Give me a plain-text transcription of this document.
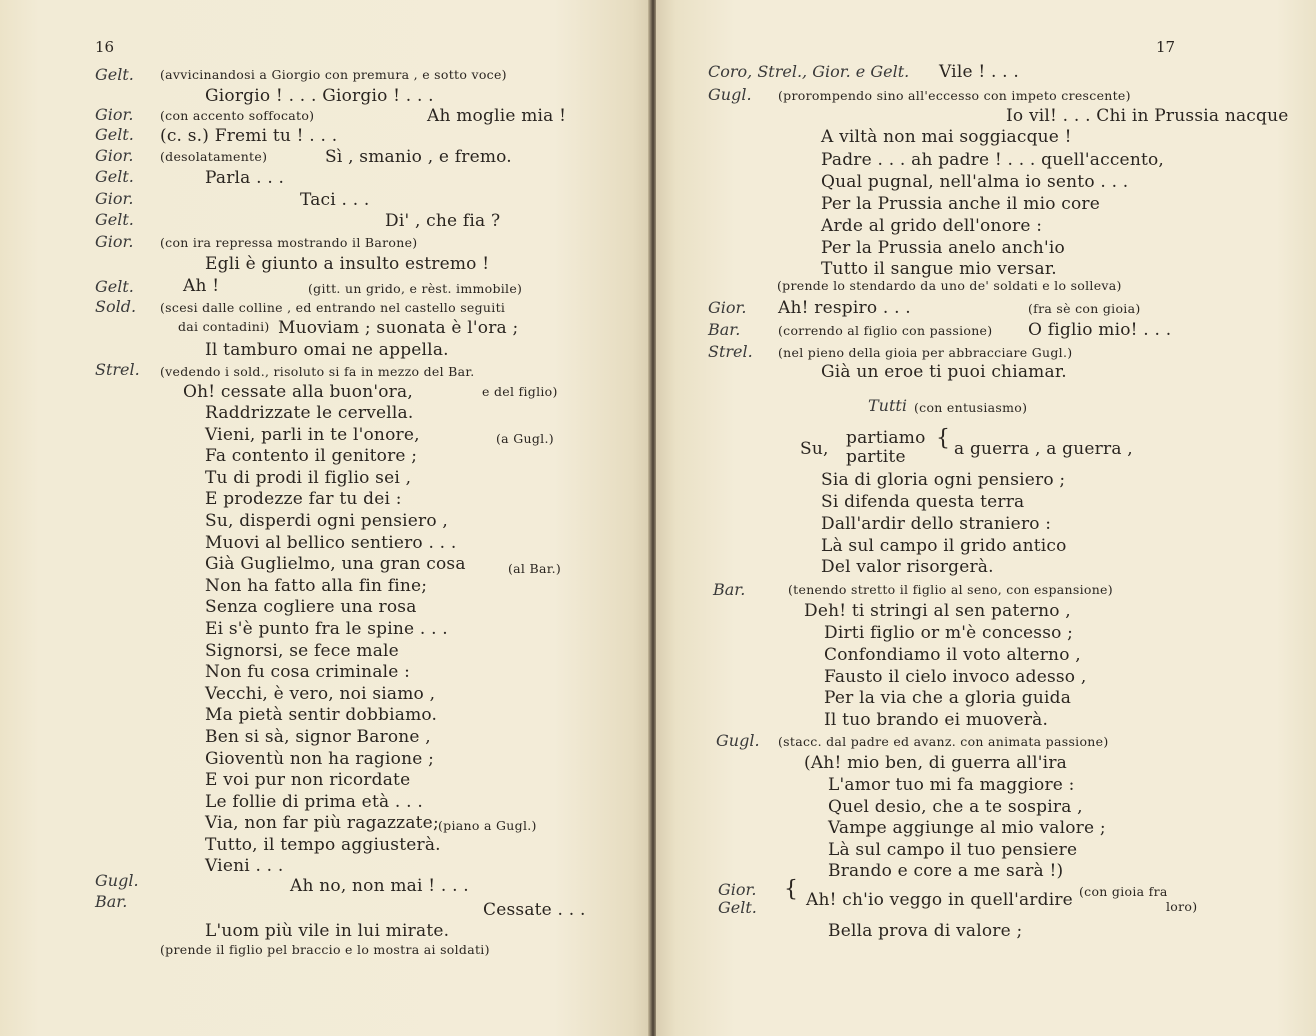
16
Gelt. (avvicinandosi a Giorgio con premura , e sotto voce)
Giorgio ! . . . Giorgio ! . . .
Gior. (con accento soffocato)	Ah moglie mia !
Gelt. (c. s.) Fremi tu ! . . .
Gior. (desolatamente)	Sì , smanio , e fremo.
Gelt.	Parla . . .
Gior.	Taci . . .
Gelt.	Di' , che fia ?
Gior. (con ira repressa mostrando il Barone)
Egli è giunto a insulto estremo !
Gelt.	Ah !	(gitt. un grido, e rèst. immobile)
Sold. (scesi dalle colline , ed entrando nel castello seguiti
dai contadini) Muoviam ; suonata è l'ora ;
Il tamburo omai ne appella.
Strel. (vedendo i sold., risoluto si fa in mezzo del Bar.
Oh! cessate alla buon'ora,	e del figlio)
Raddrizzate le cervella.
Vieni, parli in te l'onore,	(a Gugl.)
Fa contento il genitore ;
Tu di prodi il figlio sei ,
E prodezze far tu dei :
Su, disperdi ogni pensiero ,
Muovi al bellico sentiero . . .
Già Guglielmo, una gran cosa	(al Bar.)
Non ha fatto alla fin fine;
Senza cogliere una rosa
Ei s'è punto fra le spine . . .
Signorsi, se fece male
Non fu cosa criminale :
Vecchi, è vero, noi siamo ,
Ma pietà sentir dobbiamo.
Ben si sà, signor Barone ,
Gioventù non ha ragione ;
E voi pur non ricordate
Le follie di prima età . . .
Via, non far più ragazzate; (piano a Gugl.)
Tutto, il tempo aggiusterà.
Vieni . . .
Gugl.	Ah no, non mai ! . . .
Bar.	Cessate . . .
L'uom più vile in lui mirate.
(prende il figlio pel braccio e lo mostra ai soldati)
17
Coro, Strel., Gior. e Gelt. Vile ! . . .
Gugl. (prorompendo sino all'eccesso con impeto crescente)
Io vil! . . . Chi in Prussia nacque
A viltà non mai soggiacque !
Padre . . . ah padre ! . . . quell'accento,
Qual pugnal, nell'alma io sento . . .
Per la Prussia anche il mio core
Arde al grido dell'onore :
Per la Prussia anelo anch'io
Tutto il sangue mio versar.
(prende lo stendardo da uno de' soldati e lo solleva)
Gior. Ah! respiro . . .	(fra sè con gioia)
Bar.	(correndo al figlio con passione) O figlio mio! . . .
Strel. (nel pieno della gioia per abbracciare Gugl.)
Già un eroe ti puoi chiamar.
Tutti (con entusiasmo)
Su,
partiamo
partite	a guerra , a guerra ,
Sia di gloria ogni pensiero ;
Si difenda questa terra
Dall'ardir dello straniero :
Là sul campo il grido antico
Del valor risorgerà.
Bar.	(tenendo stretto il figlio al seno, con espansione)
Deh! ti stringi al sen paterno ,
Dirti figlio or m'è concesso ;
Confondiamo il voto alterno ,
Fausto il cielo invoco adesso ,
Per la via che a gloria guida
Il tuo brando ei muoverà.
Gugl. (stacc. dal padre ed avanz. con animata passione)
(Ah! mio ben, di guerra all'ira
L'amor tuo mi fa maggiore :
Quel desio, che a te sospira ,
Vampe aggiunge al mio valore ;
Là sul campo il tuo pensiere
Brando e core a me sarà !)
Gior.
Gelt.	Ah! ch'io veggo in quell'ardire (con gioia fra
loro)
Bella prova di valore ;
{
{
